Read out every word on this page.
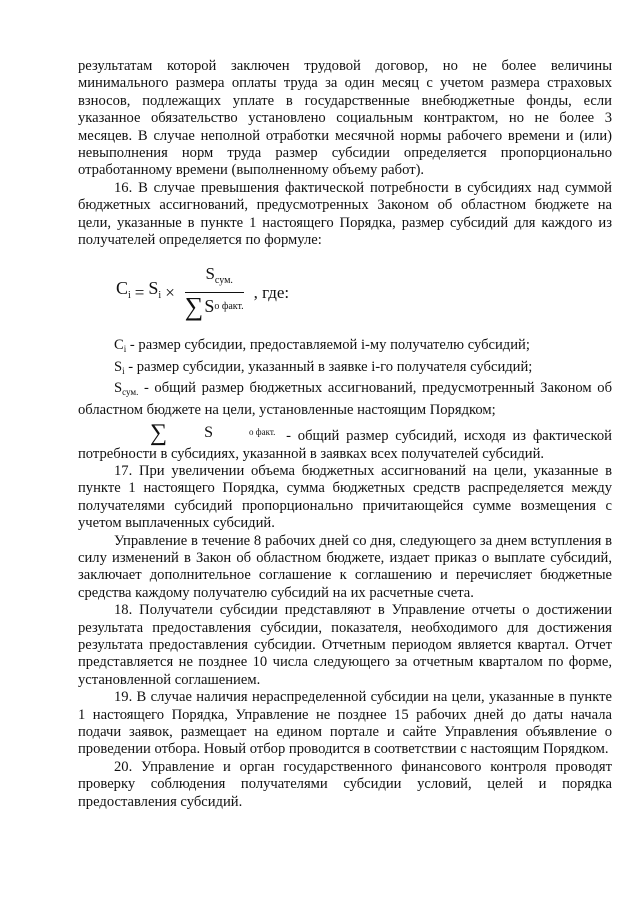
результатам которой заключен трудовой договор, но не более величины минимального размера оплаты труда за один месяц с учетом размера страховых взносов, подлежащих уплате в государственные внебюджетные фонды, если указанное обязательство установлено социальным контрактом, но не более 3 месяцев. В случае неполной отработки месячной нормы рабочего времени и (или) невыполнения норм труда размер субсидии определяется пропорционально отработанному времени (выполненному объему работ).

16. В случае превышения фактической потребности в субсидиях над суммой бюджетных ассигнований, предусмотренных Законом об областном бюджете на цели, указанные в пункте 1 настоящего Порядка, размер субсидий для каждого из получателей определяется по формуле:

$C_i = S_i \times \frac{S_{сум.}}{\text{∑ S о факт.}}$ , где:

$C_i$ - размер субсидии, предоставляемой i-му получателю субсидий;

$S_i$ - размер субсидии, указанный в заявке i-го получателя субсидий;

$S_{сум.}$ - общий размер бюджетных ассигнований, предусмотренный Законом об областном бюджете на цели, установленные настоящим Порядком;

∑	S	о факт. - общий размер субсидий, исходя из фактической потребности в субсидиях, указанной в заявках всех получателей субсидий.

17. При увеличении объема бюджетных ассигнований на цели, указанные в пункте 1 настоящего Порядка, сумма бюджетных средств распределяется между получателями субсидий пропорционально причитающейся сумме возмещения с учетом выплаченных субсидий.

Управление в течение 8 рабочих дней со дня, следующего за днем вступления в силу изменений в Закон об областном бюджете, издает приказ о выплате субсидий, заключает дополнительное соглашение к соглашению и перечисляет бюджетные средства каждому получателю субсидий на их расчетные счета.

18. Получатели субсидии представляют в Управление отчеты о достижении результата предоставления субсидии, показателя, необходимого для достижения результата предоставления субсидии. Отчетным периодом является квартал. Отчет представляется не позднее 10 числа следующего за отчетным кварталом по форме, установленной соглашением.

19. В случае наличия нераспределенной субсидии на цели, указанные в пункте 1 настоящего Порядка, Управление не позднее 15 рабочих дней до даты начала подачи заявок, размещает на едином портале и сайте Управления объявление о проведении отбора. Новый отбор проводится в соответствии с настоящим Порядком.

20. Управление и орган государственного финансового контроля проводят проверку соблюдения получателями субсидии условий, целей и порядка предоставления субсидий.
